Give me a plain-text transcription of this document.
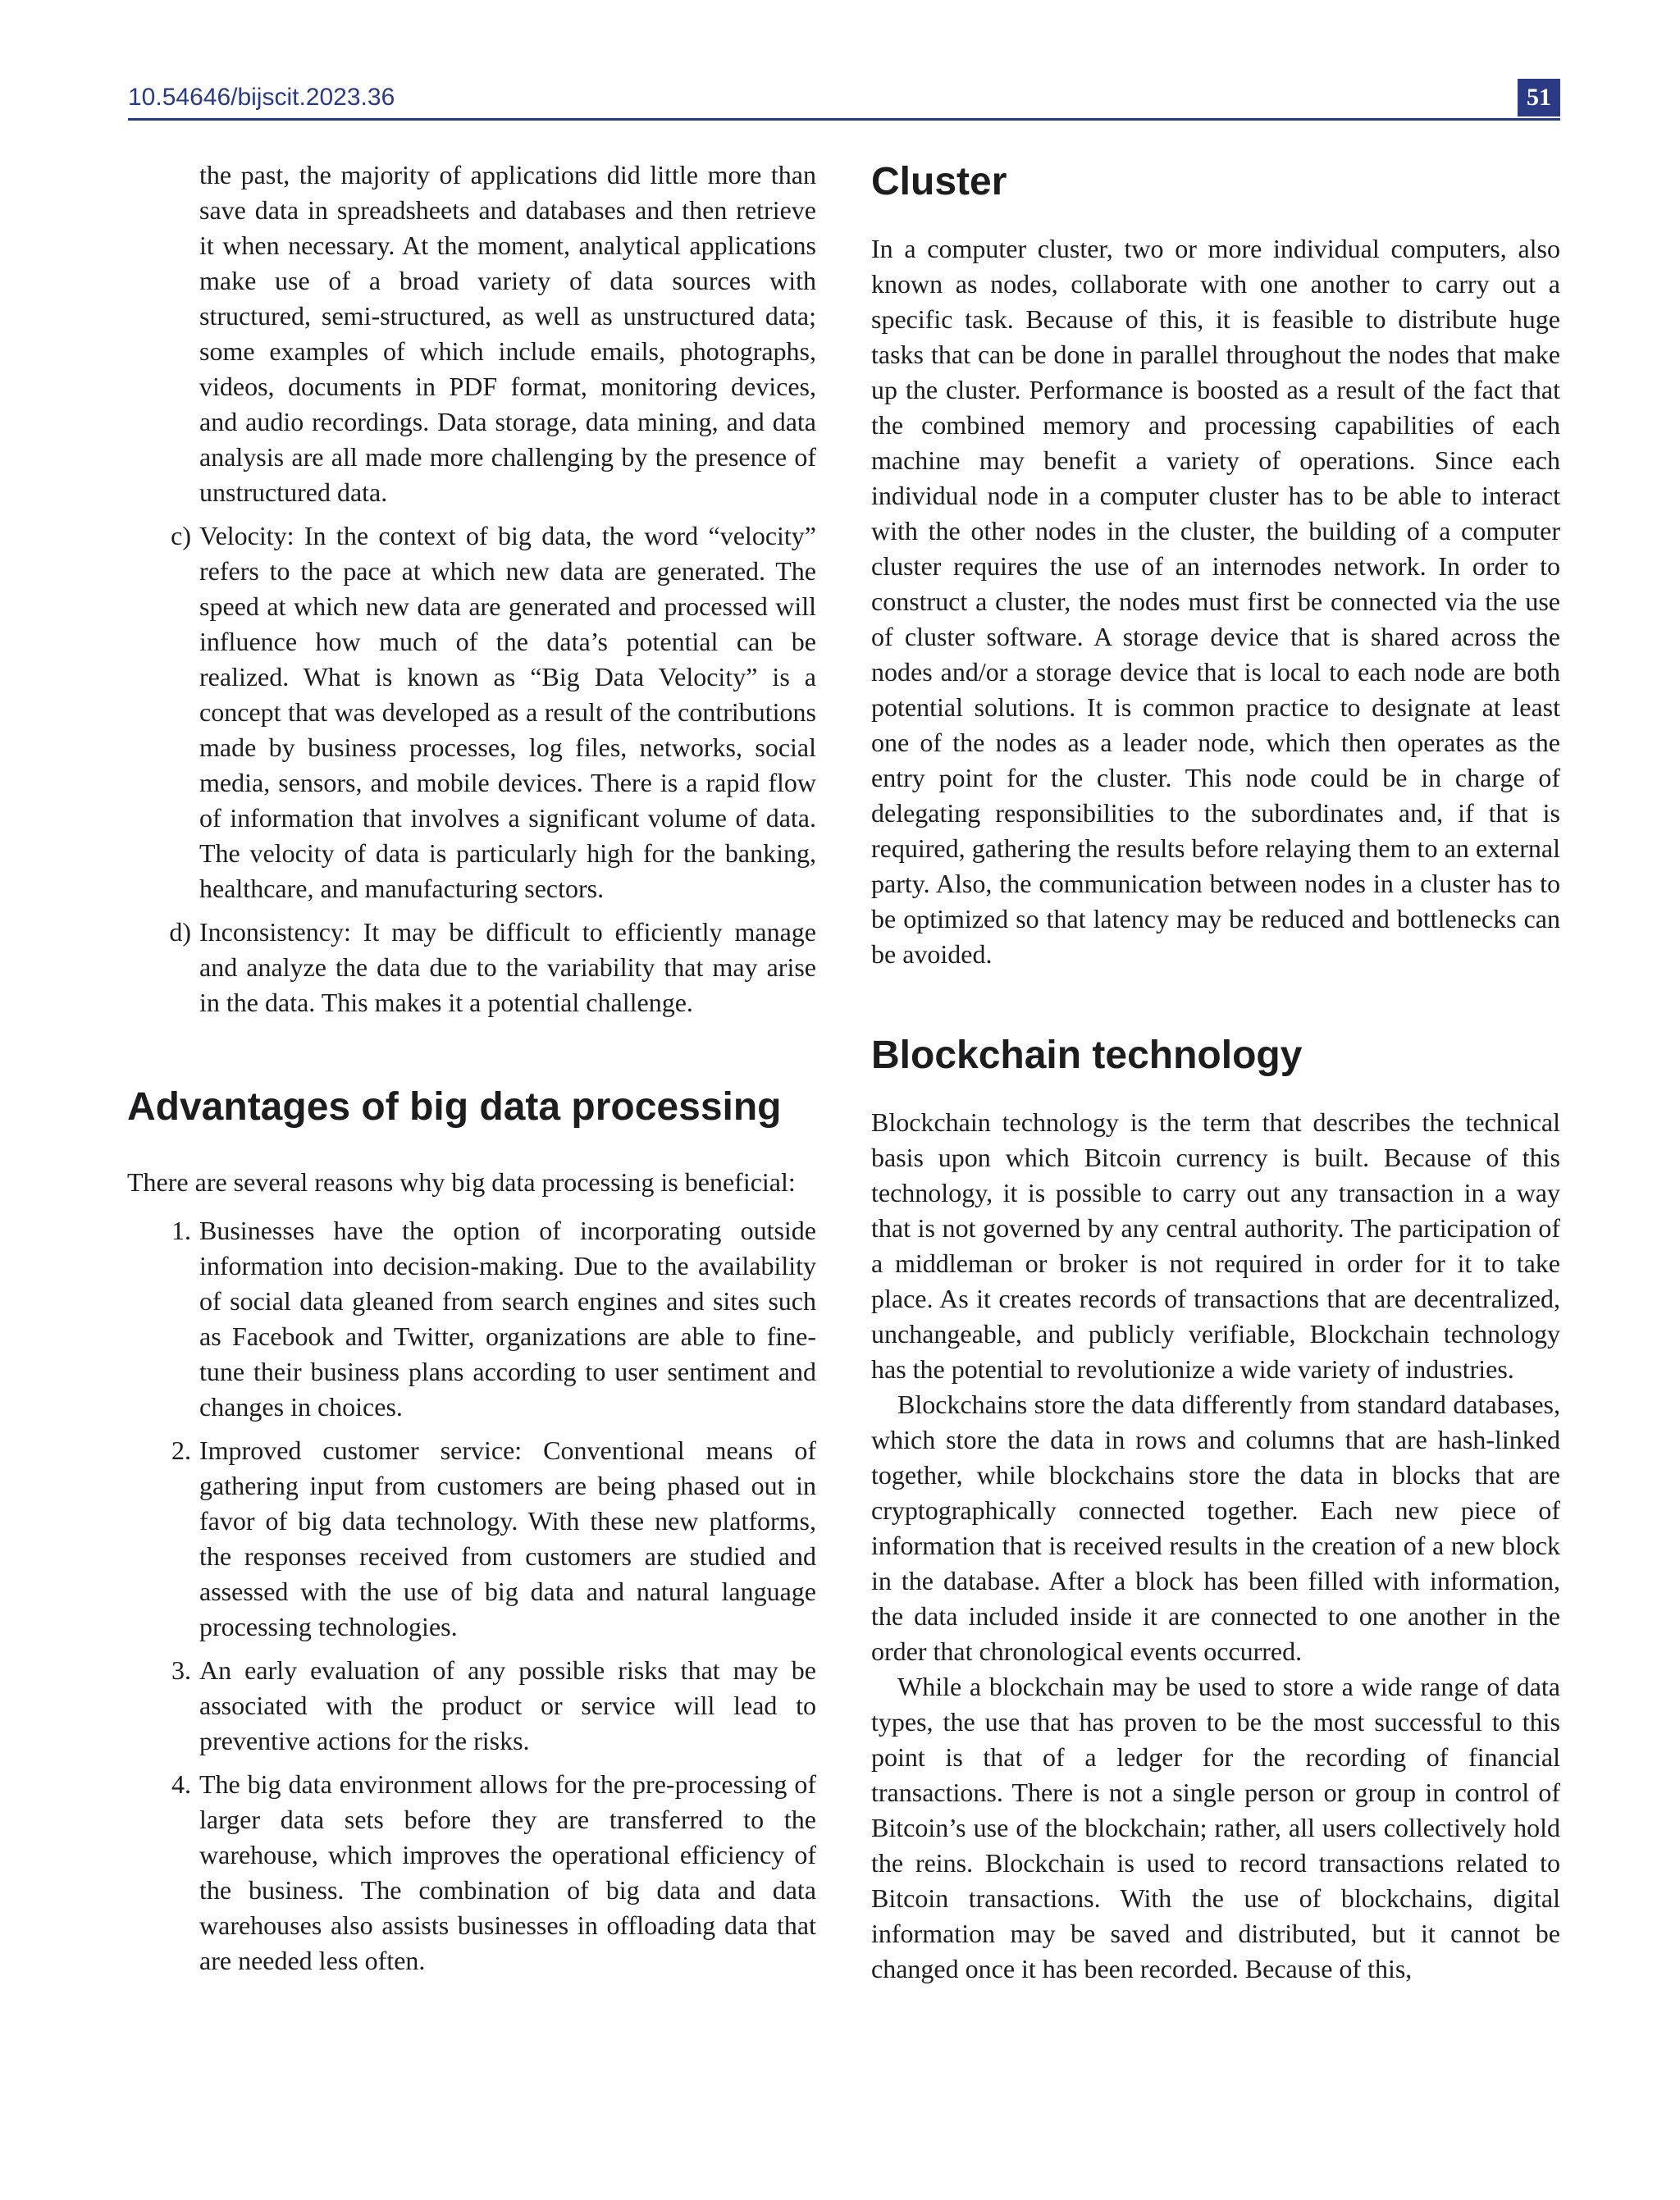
10.54646/bijscit.2023.36	51

the past, the majority of applications did little more than save data in spreadsheets and databases and then retrieve it when necessary. At the moment, analytical applications make use of a broad variety of data sources with structured, semi-structured, as well as unstructured data; some examples of which include emails, photographs, videos, documents in PDF format, monitoring devices, and audio recordings. Data storage, data mining, and data analysis are all made more challenging by the presence of unstructured data.

c) Velocity: In the context of big data, the word “velocity” refers to the pace at which new data are generated. The speed at which new data are generated and processed will influence how much of the data’s potential can be realized. What is known as “Big Data Velocity” is a concept that was developed as a result of the contributions made by business processes, log files, networks, social media, sensors, and mobile devices. There is a rapid flow of information that involves a significant volume of data. The velocity of data is particularly high for the banking, healthcare, and manufacturing sectors.
d) Inconsistency: It may be difficult to efficiently manage and analyze the data due to the variability that may arise in the data. This makes it a potential challenge.
Advantages of big data processing

There are several reasons why big data processing is beneficial:

1. Businesses have the option of incorporating outside information into decision-making. Due to the availability of social data gleaned from search engines and sites such as Facebook and Twitter, organizations are able to fine-tune their business plans according to user sentiment and changes in choices.
2. Improved customer service: Conventional means of gathering input from customers are being phased out in favor of big data technology. With these new platforms, the responses received from customers are studied and assessed with the use of big data and natural language processing technologies.
3. An early evaluation of any possible risks that may be associated with the product or service will lead to preventive actions for the risks.
4. The big data environment allows for the pre-processing of larger data sets before they are transferred to the warehouse, which improves the operational efficiency of the business. The combination of big data and data warehouses also assists businesses in offloading data that are needed less often.
Cluster

In a computer cluster, two or more individual computers, also known as nodes, collaborate with one another to carry out a specific task. Because of this, it is feasible to distribute huge tasks that can be done in parallel throughout the nodes that make up the cluster. Performance is boosted as a result of the fact that the combined memory and processing capabilities of each machine may benefit a variety of operations. Since each individual node in a computer cluster has to be able to interact with the other nodes in the cluster, the building of a computer cluster requires the use of an internodes network. In order to construct a cluster, the nodes must first be connected via the use of cluster software. A storage device that is shared across the nodes and/or a storage device that is local to each node are both potential solutions. It is common practice to designate at least one of the nodes as a leader node, which then operates as the entry point for the cluster. This node could be in charge of delegating responsibilities to the subordinates and, if that is required, gathering the results before relaying them to an external party. Also, the communication between nodes in a cluster has to be optimized so that latency may be reduced and bottlenecks can be avoided.

Blockchain technology

Blockchain technology is the term that describes the technical basis upon which Bitcoin currency is built. Because of this technology, it is possible to carry out any transaction in a way that is not governed by any central authority. The participation of a middleman or broker is not required in order for it to take place. As it creates records of transactions that are decentralized, unchangeable, and publicly verifiable, Blockchain technology has the potential to revolutionize a wide variety of industries.

Blockchains store the data differently from standard databases, which store the data in rows and columns that are hash-linked together, while blockchains store the data in blocks that are cryptographically connected together. Each new piece of information that is received results in the creation of a new block in the database. After a block has been filled with information, the data included inside it are connected to one another in the order that chronological events occurred.

While a blockchain may be used to store a wide range of data types, the use that has proven to be the most successful to this point is that of a ledger for the recording of financial transactions. There is not a single person or group in control of Bitcoin’s use of the blockchain; rather, all users collectively hold the reins. Blockchain is used to record transactions related to Bitcoin transactions. With the use of blockchains, digital information may be saved and distributed, but it cannot be changed once it has been recorded. Because of this,
